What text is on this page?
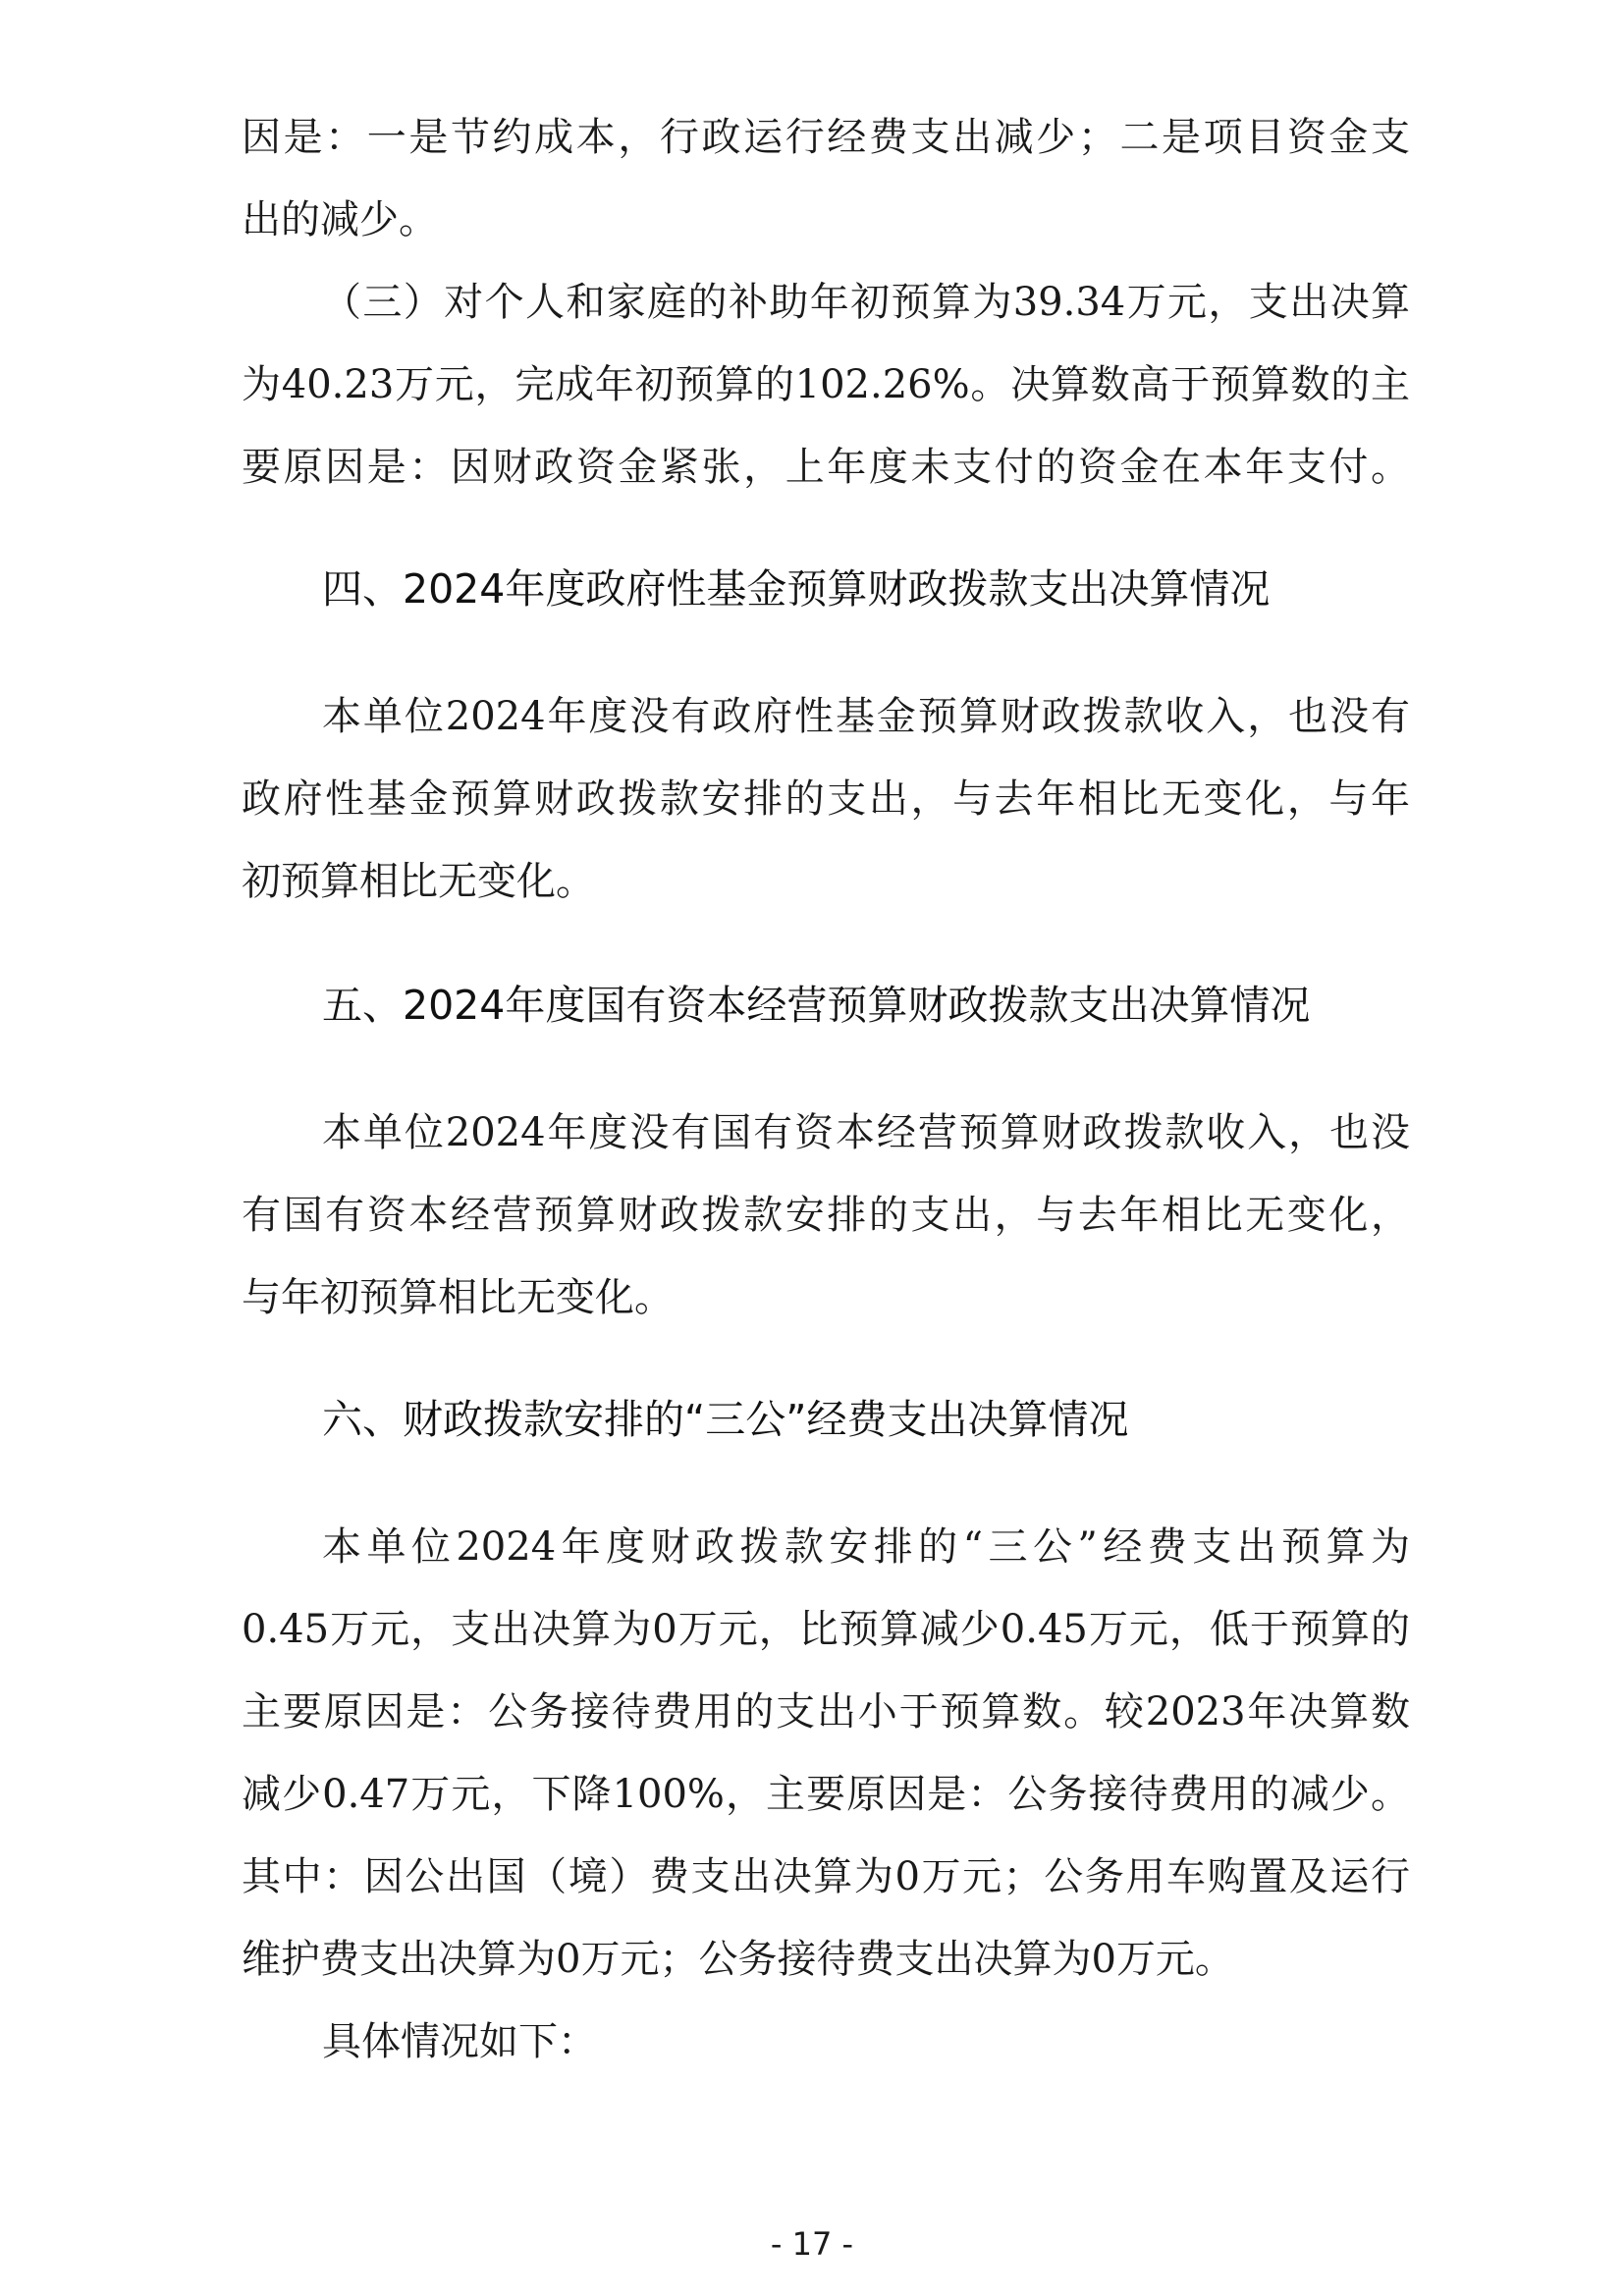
因是：一是节约成本，行政运行经费支出减少；二是项目资金支
出的减少。
（三）对个人和家庭的补助年初预算为39.34万元，支出决算
为40.23万元，完成年初预算的102.26%。决算数高于预算数的主
要原因是：因财政资金紧张，上年度未支付的资金在本年支付。
四、2024年度政府性基金预算财政拨款支出决算情况
本单位2024年度没有政府性基金预算财政拨款收入，也没有
政府性基金预算财政拨款安排的支出，与去年相比无变化，与年
初预算相比无变化。
五、2024年度国有资本经营预算财政拨款支出决算情况
本单位2024年度没有国有资本经营预算财政拨款收入，也没
有国有资本经营预算财政拨款安排的支出，与去年相比无变化，
与年初预算相比无变化。
六、财政拨款安排的“三公”经费支出决算情况
本单位2024年度财政拨款安排的“三公”经费支出预算为
0.45万元，支出决算为0万元，比预算减少0.45万元，低于预算的
主要原因是：公务接待费用的支出小于预算数。较2023年决算数
减少0.47万元，下降100%，主要原因是：公务接待费用的减少。
其中：因公出国（境）费支出决算为0万元；公务用车购置及运行
维护费支出决算为0万元；公务接待费支出决算为0万元。
具体情况如下：
- 17 -
